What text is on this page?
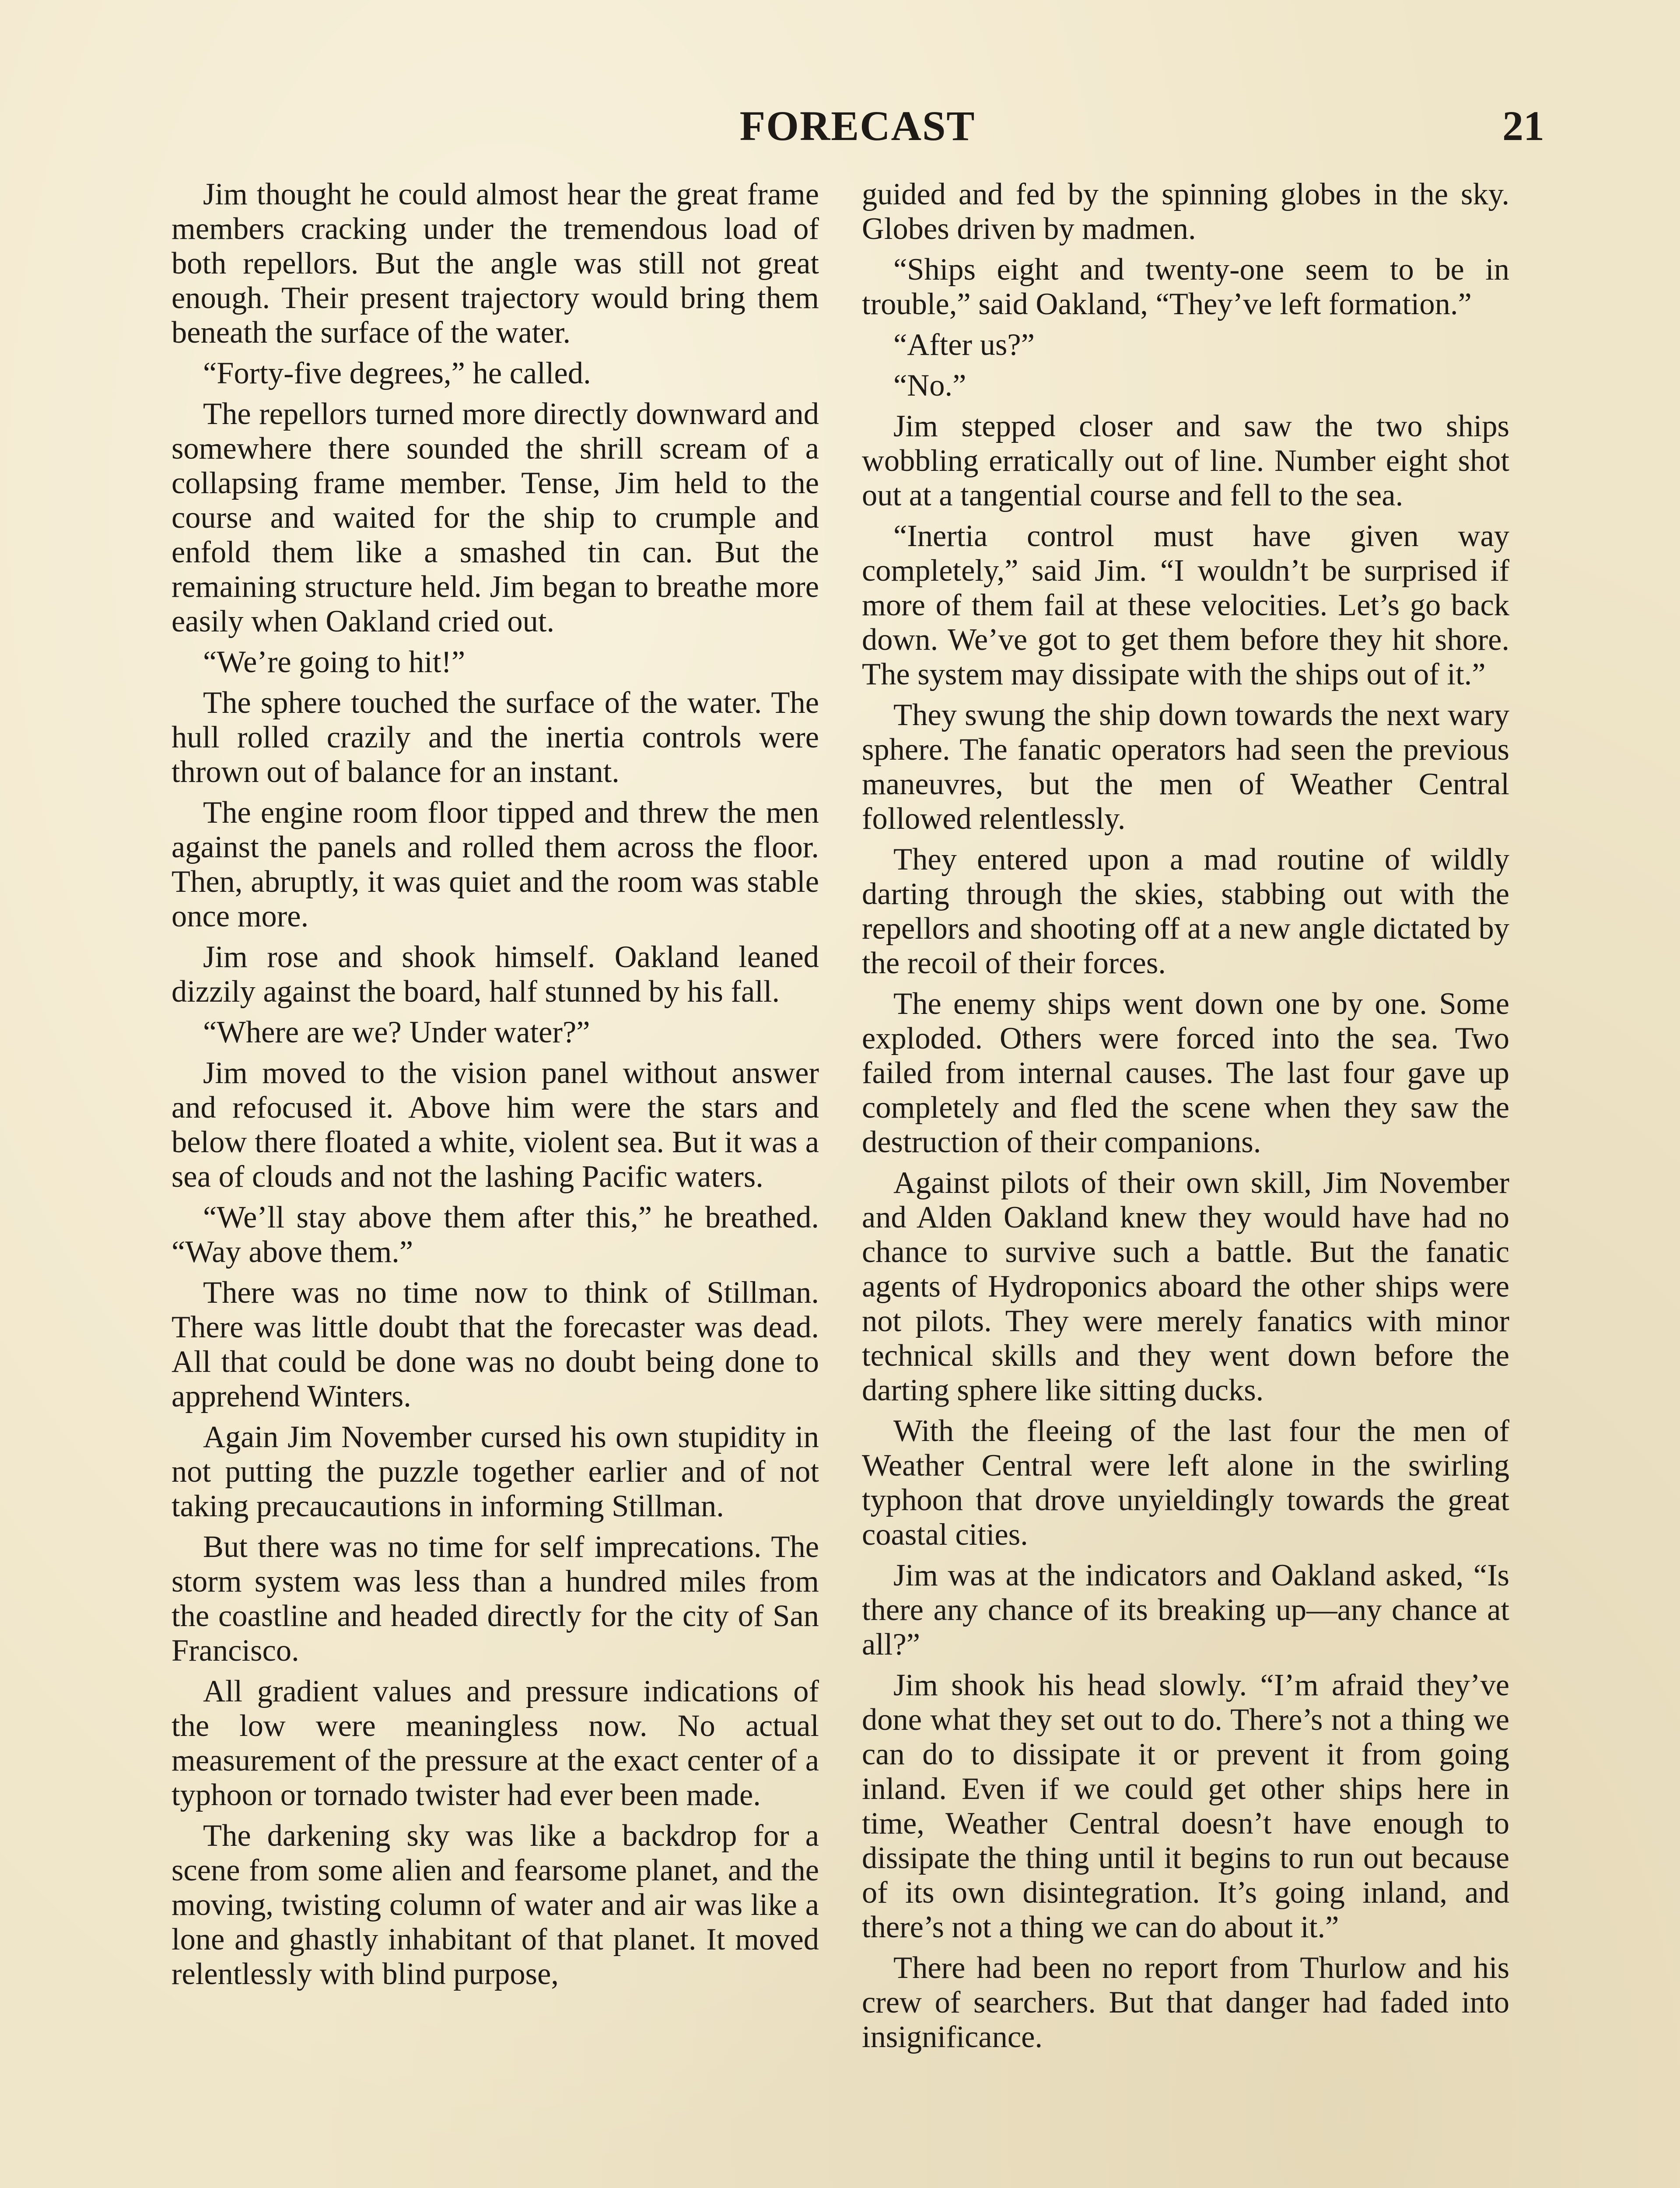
FORECAST	21

Jim thought he could almost hear the great frame members cracking under the tremendous load of both repellors. But the angle was still not great enough. Their present trajectory would bring them beneath the surface of the water.

“Forty-five degrees,” he called.

The repellors turned more directly downward and somewhere there sounded the shrill scream of a collapsing frame member. Tense, Jim held to the course and waited for the ship to crumple and enfold them like a smashed tin can. But the remaining structure held. Jim began to breathe more easily when Oakland cried out.

“We’re going to hit!”

The sphere touched the surface of the water. The hull rolled crazily and the inertia controls were thrown out of balance for an instant.

The engine room floor tipped and threw the men against the panels and rolled them across the floor. Then, abruptly, it was quiet and the room was stable once more.

Jim rose and shook himself. Oakland leaned dizzily against the board, half stunned by his fall.

“Where are we? Under water?”

Jim moved to the vision panel without answer and refocused it. Above him were the stars and below there floated a white, violent sea. But it was a sea of clouds and not the lashing Pacific waters.

“We’ll stay above them after this,” he breathed. “Way above them.”

There was no time now to think of Stillman. There was little doubt that the forecaster was dead. All that could be done was no doubt being done to apprehend Winters.

Again Jim November cursed his own stupidity in not putting the puzzle together earlier and of not taking precaucautions in informing Stillman.

But there was no time for self imprecations. The storm system was less than a hundred miles from the coastline and headed directly for the city of San Francisco.

All gradient values and pressure indications of the low were meaningless now. No actual measurement of the pressure at the exact center of a typhoon or tornado twister had ever been made.

The darkening sky was like a backdrop for a scene from some alien and fearsome planet, and the moving, twisting column of water and air was like a lone and ghastly inhabitant of that planet. It moved relentlessly with blind purpose,

guided and fed by the spinning globes in the sky. Globes driven by madmen.

“Ships eight and twenty-one seem to be in trouble,” said Oakland, “They’ve left formation.”

“After us?”

“No.”

Jim stepped closer and saw the two ships wobbling erratically out of line. Number eight shot out at a tangential course and fell to the sea.

“Inertia control must have given way completely,” said Jim. “I wouldn’t be surprised if more of them fail at these velocities. Let’s go back down. We’ve got to get them before they hit shore. The system may dissipate with the ships out of it.”

They swung the ship down towards the next wary sphere. The fanatic operators had seen the previous maneuvres, but the men of Weather Central followed relentlessly.

They entered upon a mad routine of wildly darting through the skies, stabbing out with the repellors and shooting off at a new angle dictated by the recoil of their forces.

The enemy ships went down one by one. Some exploded. Others were forced into the sea. Two failed from internal causes. The last four gave up completely and fled the scene when they saw the destruction of their companions.

Against pilots of their own skill, Jim November and Alden Oakland knew they would have had no chance to survive such a battle. But the fanatic agents of Hydroponics aboard the other ships were not pilots. They were merely fanatics with minor technical skills and they went down before the darting sphere like sitting ducks.

With the fleeing of the last four the men of Weather Central were left alone in the swirling typhoon that drove unyieldingly towards the great coastal cities.

Jim was at the indicators and Oakland asked, “Is there any chance of its breaking up—any chance at all?”

Jim shook his head slowly. “I’m afraid they’ve done what they set out to do. There’s not a thing we can do to dissipate it or prevent it from going inland. Even if we could get other ships here in time, Weather Central doesn’t have enough to dissipate the thing until it begins to run out because of its own disintegration. It’s going inland, and there’s not a thing we can do about it.”

There had been no report from Thurlow and his crew of searchers. But that danger had faded into insignificance.
